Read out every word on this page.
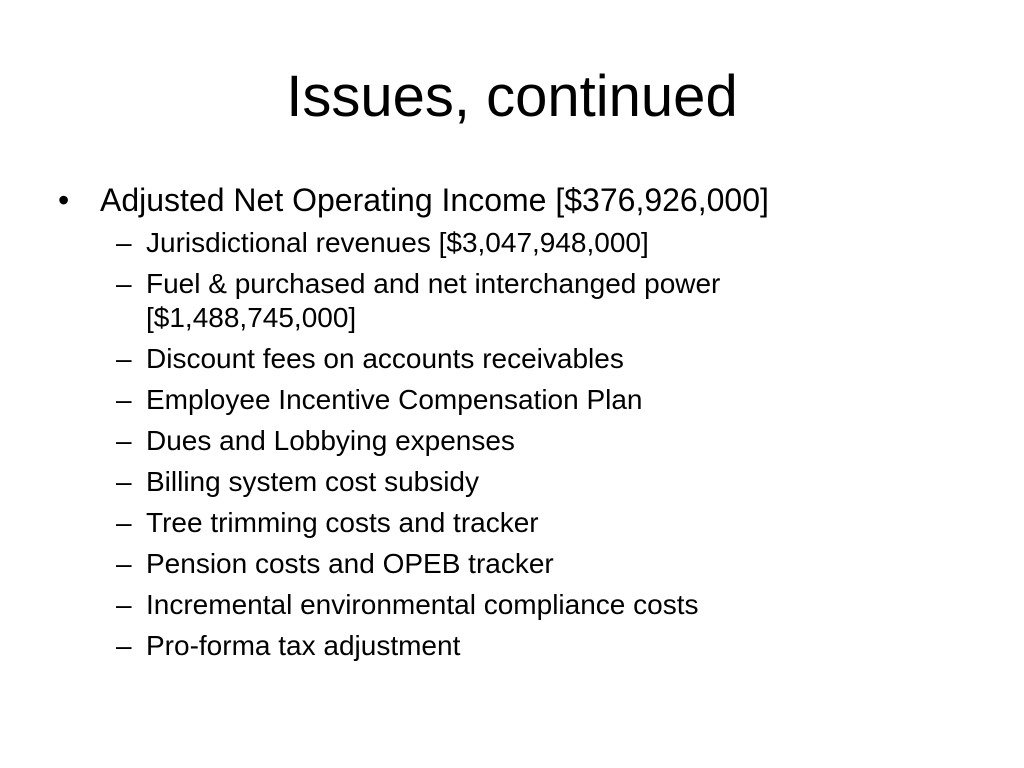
Issues, continued
• Adjusted Net Operating Income [$376,926,000]
– Jurisdictional revenues [$3,047,948,000]
– Fuel & purchased and net interchanged power [$1,488,745,000]
– Discount fees on accounts receivables
– Employee Incentive Compensation Plan
– Dues and Lobbying expenses
– Billing system cost subsidy
– Tree trimming costs and tracker
– Pension costs and OPEB tracker
– Incremental environmental compliance costs
– Pro-forma tax adjustment
